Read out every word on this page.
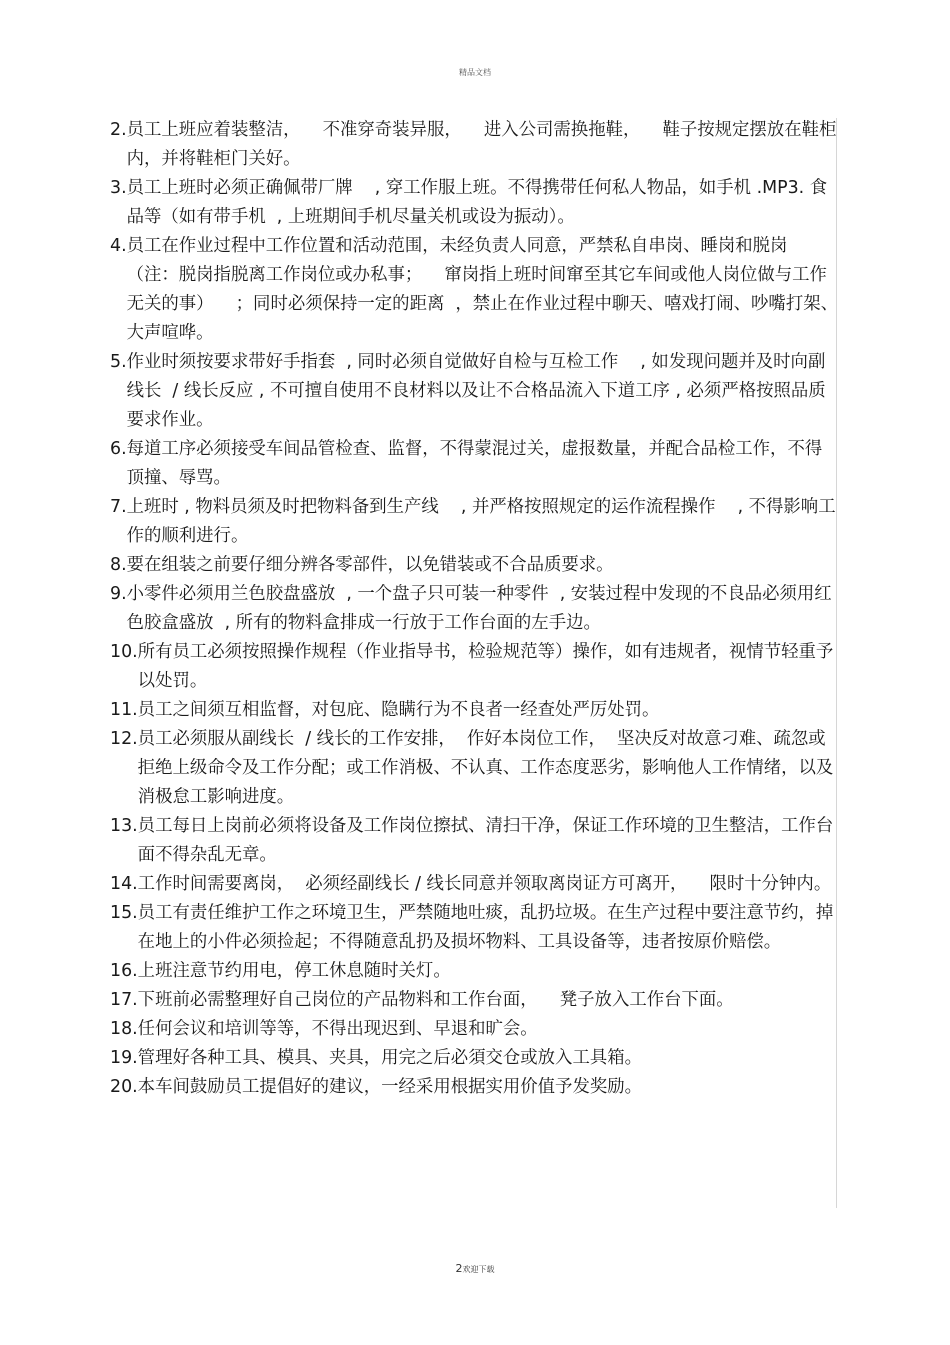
精品文档
2. 员工上班应着装整洁，    不准穿奇装异服，    进入公司需换拖鞋，    鞋子按规定摆放在鞋柜内，并将鞋柜门关好。
3. 员工上班时必须正确佩带厂牌    , 穿工作服上班。不得携带任何私人物品，如手机 .MP3. 食品等（如有带手机  , 上班期间手机尽量关机或设为振动）。
4. 员工在作业过程中工作位置和活动范围，未经负责人同意，严禁私自串岗、睡岗和脱岗（注：脱岗指脱离工作岗位或办私事；    窜岗指上班时间窜至其它车间或他人岗位做与工作无关的事）    ；同时必须保持一定的距离  ，禁止在作业过程中聊天、嘻戏打闹、吵嘴打架、大声喧哗。
5. 作业时须按要求带好手指套  , 同时必须自觉做好自检与互检工作    , 如发现问题并及时向副线长  / 线长反应 , 不可擅自使用不良材料以及让不合格品流入下道工序 , 必须严格按照品质要求作业。
6. 每道工序必须接受车间品管检查、监督，不得蒙混过关，虚报数量，并配合品检工作，不得顶撞、辱骂。
7. 上班时 , 物料员须及时把物料备到生产线    , 并严格按照规定的运作流程操作    , 不得影响工作的顺利进行。
8. 要在组装之前要仔细分辨各零部件，以免错装或不合品质要求。
9. 小零件必须用兰色胶盘盛放  , 一个盘子只可装一种零件  , 安装过程中发现的不良品必须用红色胶盒盛放  , 所有的物料盒排成一行放于工作台面的左手边。
10. 所有员工必须按照操作规程（作业指导书，检验规范等）操作，如有违规者，视情节轻重予以处罚。
11. 员工之间须互相监督，对包庇、隐瞒行为不良者一经查处严厉处罚。
12. 员工必须服从副线长  / 线长的工作安排，  作好本岗位工作，  坚决反对故意刁难、疏忽或拒绝上级命令及工作分配；或工作消极、不认真、工作态度恶劣，影响他人工作情绪，以及消极怠工影响进度。
13. 员工每日上岗前必须将设备及工作岗位擦拭、清扫干净，保证工作环境的卫生整洁，工作台面不得杂乱无章。
14. 工作时间需要离岗，  必须经副线长 / 线长同意并领取离岗证方可离开，    限时十分钟内。
15. 员工有责任维护工作之环境卫生，严禁随地吐痰，乱扔垃圾。在生产过程中要注意节约，掉在地上的小件必须捡起；不得随意乱扔及损坏物料、工具设备等，违者按原价赔偿。
16. 上班注意节约用电，停工休息随时关灯。
17. 下班前必需整理好自己岗位的产品物料和工作台面，    凳子放入工作台下面。
18. 任何会议和培训等等，不得出现迟到、早退和旷会。
19. 管理好各种工具、模具、夹具，用完之后必須交仓或放入工具箱。
20. 本车间鼓励员工提倡好的建议，一经采用根据实用价值予发奖励。
2欢迎下载
